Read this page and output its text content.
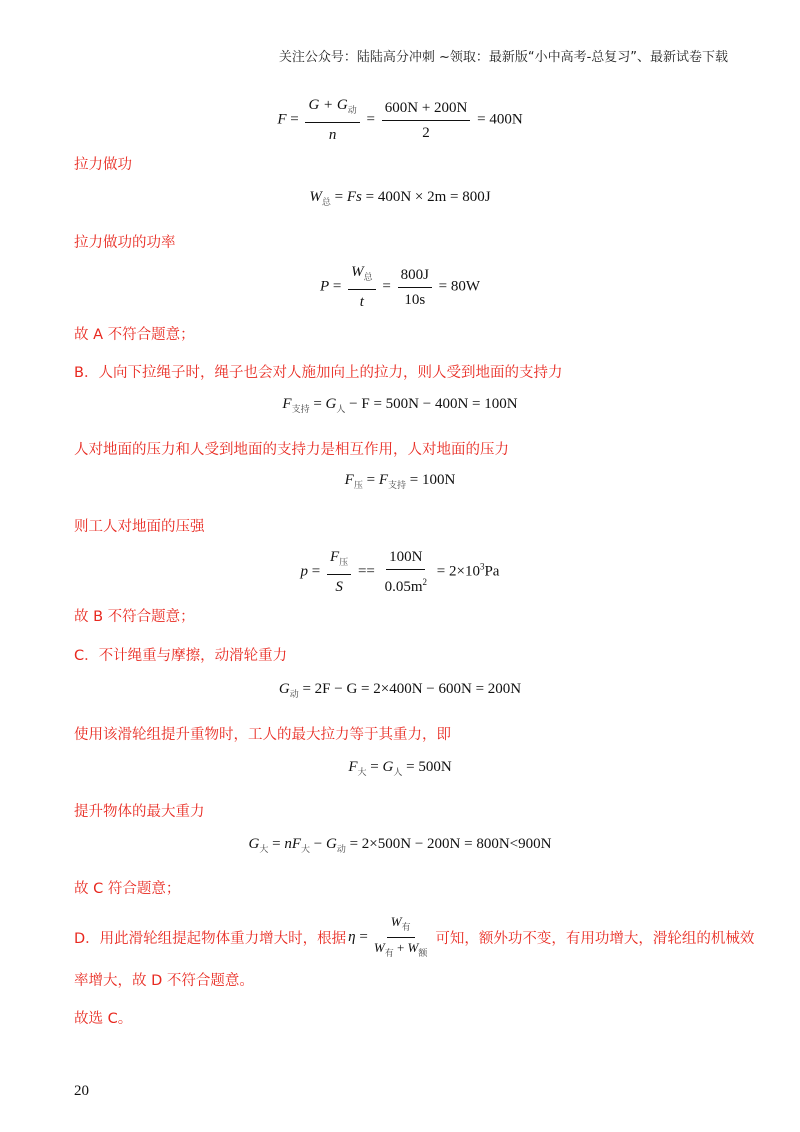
关注公众号：陆陆高分冲刺 ~领取：最新版“小中高考-总复习”、最新试卷下载
$F = \frac{G + G_动}{n} = \frac{600N + 200N}{2} = 400N$
拉力做功
$W_总 = Fs = 400N \times 2m = 800J$
拉力做功的功率
$P = \frac{W_总}{t} = \frac{800J}{10s} = 80W$
故 A 不符合题意；
B．人向下拉绳子时，绳子也会对人施加向上的拉力，则人受到地面的支持力
$F_{支持} = G_人 - F = 500N - 400N = 100N$
人对地面的压力和人受到地面的支持力是相互作用，人对地面的压力
$F_压 = F_{支持} = 100N$
则工人对地面的压强
$p = \frac{F_压}{S} == \frac{100N}{0.05m^2} = 2\times 10^3Pa$
故 B 不符合题意；
C．不计绳重与摩擦，动滑轮重力
$G_动 = 2F - G = 2\times 400N - 600N = 200N$
使用该滑轮组提升重物时，工人的最大拉力等于其重力，即
$F_大 = G_人 = 500N$
提升物体的最大重力
$G_大 = nF_大 - G_动 = 2\times 500N - 200N = 800N<900N$
故 C 符合题意；
D．用此滑轮组提起物体重力增大时，根据 $\eta = \frac{W_有}{W_有 + W_额}$ 可知，额外功不变，有用功增大，滑轮组的机械效
率增大，故 D 不符合题意。
故选 C。
20
